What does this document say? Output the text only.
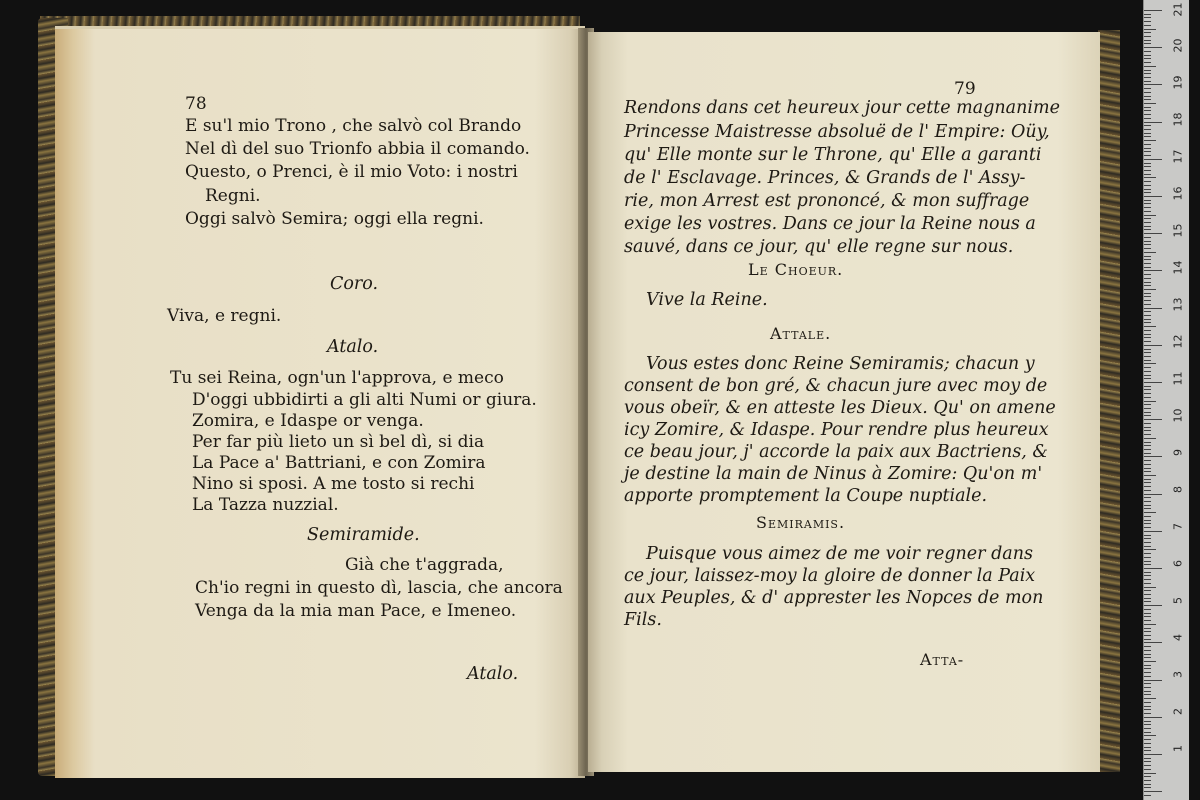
78
E su'l mio Trono , che salvò col Brando
Nel dì del suo Trionfo abbia il comando.
Questo, o Prenci, è il mio Voto: i nostri
Regni.
Oggi salvò Semira; oggi ella regni.
Coro.
Viva, e regni.
Atalo.
Tu sei Reina, ogn'un l'approva, e meco
D'oggi ubbidirti a gli alti Numi or giura.
Zomira, e Idaspe or venga.
Per far più lieto un sì bel dì, si dia
La Pace a' Battriani, e con Zomira
Nino si sposi. A me tosto si rechi
La Tazza nuzzial.
Semiramide.
Già che t'aggrada,
Ch'io regni in questo dì, lascia, che ancora
Venga da la mia man Pace, e Imeneo.
Atalo.
79
Rendons dans cet heureux jour cette magnanime
Princesse Maistresse absoluë de l' Empire: Oüy,
qu' Elle monte sur le Throne, qu' Elle a garanti
de l' Esclavage. Princes, & Grands de l' Assy-
rie, mon Arrest est prononcé, & mon suffrage
exige les vostres. Dans ce jour la Reine nous a
sauvé, dans ce jour, qu' elle regne sur nous.
Le Choeur.
Vive la Reine.
Attale.
Vous estes donc Reine Semiramis; chacun y
consent de bon gré, & chacun jure avec moy de
vous obeïr, & en atteste les Dieux. Qu' on amene
icy Zomire, & Idaspe. Pour rendre plus heureux
ce beau jour, j' accorde la paix aux Bactriens, &
je destine la main de Ninus à Zomire: Qu'on m'
apporte promptement la Coupe nuptiale.
Semiramis.
Puisque vous aimez de me voir regner dans
ce jour, laissez-moy la gloire de donner la Paix
aux Peuples, & d' apprester les Nopces de mon
Fils.
Atta-
21
20
19
18
17
16
15
14
13
12
11
10
9
8
7
6
5
4
3
2
1
